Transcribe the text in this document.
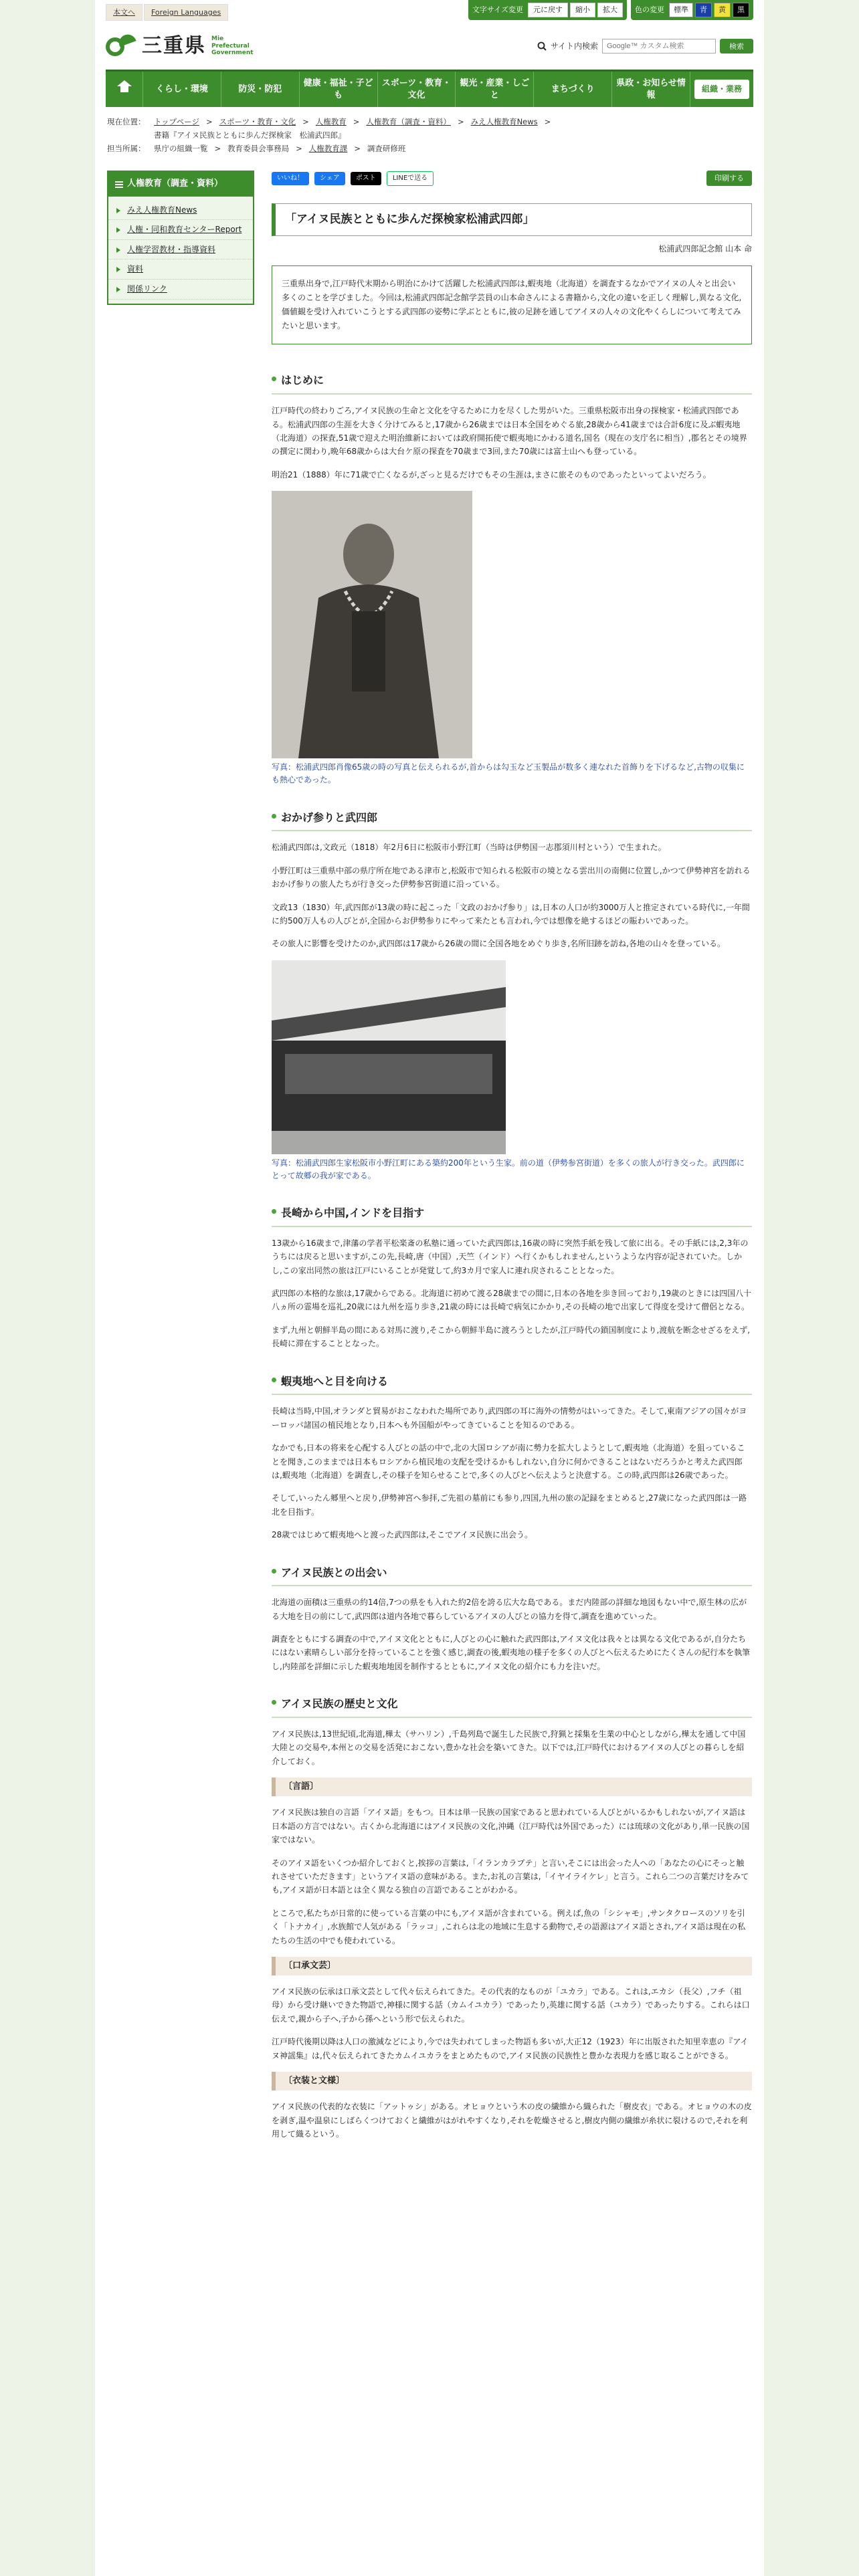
本文へ	Foreign Languages	文字サイズ変更	元に戻す	縮小	拡大	色の変更	標準	青	黄	黒
三重県 Mie Prefectural Government
サイト内検索
Google™ カスタム検索	検索
くらし・環境	防災・防犯
健康・福祉・子ども
スポーツ・教育・文化
観光・産業・しごと
まちづくり
県政・お知らせ情報
組織・業務
現在位置： トップページ > スポーツ・教育・文化 > 人権教育 > 人権教育（調査・資料） > みえ人権教育News >
書籍『アイヌ民族とともに歩んだ探検家　松浦武四郎』
担当所属： 県庁の組織一覧 > 教育委員会事務局 > 人権教育課 > 調査研修班
人権教育（調査・資料）
みえ人権教育News
人権・同和教育センターReport
人権学習教材・指導資料
資料
関係リンク
いいね！	シェア	ポスト	LINEで送る	印刷する
「アイヌ民族とともに歩んだ探検家松浦武四郎」
松浦武四郎記念館 山本 命
三重県出身で,江戸時代末期から明治にかけて活躍した松浦武四郎は,蝦夷地（北海道）を調査するなかでアイヌの人々と出会い多くのことを学びました。今回は,松浦武四郎記念館学芸員の山本命さんによる書籍から,文化の違いを正しく理解し,異なる文化,価値観を受け入れていこうとする武四郎の姿勢に学ぶとともに,彼の足跡を通してアイヌの人々の文化やくらしについて考えてみたいと思います。
はじめに

江戸時代の終わりごろ,アイヌ民族の生命と文化を守るために力を尽くした男がいた。三重県松阪市出身の探検家・松浦武四郎である。松浦武四郎の生涯を大きく分けてみると,17歳から26歳までは日本全国をめぐる旅,28歳から41歳までは合計6度に及ぶ蝦夷地（北海道）の探査,51歳で迎えた明治維新においては政府開拓使で蝦夷地にかわる道名,国名（現在の支庁名に相当）,郡名とその境界の撰定に関わり,晩年68歳からは大台ケ原の探査を70歳まで3回,また70歳には富士山へも登っている。

明治21（1888）年に71歳で亡くなるが,ざっと見るだけでもその生涯は,まさに旅そのものであったといってよいだろう。

写真：松浦武四郎肖像65歳の時の写真と伝えられるが,首からは勾玉など玉製品が数多く連なれた首飾りを下げるなど,古物の収集にも熱心であった。

おかげ参りと武四郎

松浦武四郎は,文政元（1818）年2月6日に松阪市小野江町（当時は伊勢国一志郡須川村という）で生まれた。

小野江町は三重県中部の県庁所在地である津市と,松阪市で知られる松阪市の境となる雲出川の南側に位置し,かつて伊勢神宮を訪れるおかげ参りの旅人たちが行き交った伊勢参宮街道に沿っている。

文政13（1830）年,武四郎が13歳の時に起こった「文政のおかげ参り」は,日本の人口が約3000万人と推定されている時代に,一年間に約500万人もの人びとが,全国からお伊勢参りにやって来たとも言われ,今では想像を絶するほどの賑わいであった。

その旅人に影響を受けたのか,武四郎は17歳から26歳の間に全国各地をめぐり歩き,名所旧跡を訪ね,各地の山々を登っている。

写真：松浦武四郎生家松阪市小野江町にある築約200年という生家。前の道（伊勢参宮街道）を多くの旅人が行き交った。武四郎にとって故郷の我が家である。

長崎から中国,インドを目指す

13歳から16歳まで,津藩の学者平松楽斎の私塾に通っていた武四郎は,16歳の時に突然手紙を残して旅に出る。その手紙には,2,3年のうちには戻ると思いますが,この先,長崎,唐（中国）,天竺（インド）へ行くかもしれません,というような内容が記されていた。しかし,この家出同然の旅は江戸にいることが発覚して,約3カ月で家人に連れ戻されることとなった。

武四郎の本格的な旅は,17歳からである。北海道に初めて渡る28歳までの間に,日本の各地を歩き回っており,19歳のときには四国八十八ヵ所の霊場を巡礼,20歳には九州を巡り歩き,21歳の時には長崎で病気にかかり,その長崎の地で出家して得度を受けて僧侶となる。

まず,九州と朝鮮半島の間にある対馬に渡り,そこから朝鮮半島に渡ろうとしたが,江戸時代の鎖国制度により,渡航を断念せざるをえず,長崎に滞在することとなった。

蝦夷地へと目を向ける

長崎は当時,中国,オランダと貿易がおこなわれた場所であり,武四郎の耳に海外の情勢がはいってきた。そして,東南アジアの国々がヨーロッパ諸国の植民地となり,日本へも外国船がやってきていることを知るのである。

なかでも,日本の将来を心配する人びとの話の中で,北の大国ロシアが南に勢力を拡大しようとして,蝦夷地（北海道）を狙っていることを聞き,このままでは日本もロシアから植民地の支配を受けるかもしれない,自分に何かできることはないだろうかと考えた武四郎は,蝦夷地（北海道）を調査し,その様子を知らせることで,多くの人びとへ伝えようと決意する。この時,武四郎は26歳であった。

そして,いったん郷里へと戻り,伊勢神宮へ参拝,ご先祖の墓前にも参り,四国,九州の旅の記録をまとめると,27歳になった武四郎は一路北を目指す。

28歳ではじめて蝦夷地へと渡った武四郎は,そこでアイヌ民族に出会う。

アイヌ民族との出会い

北海道の面積は三重県の約14倍,7つの県をも入れた約2倍を誇る広大な島である。まだ内陸部の詳細な地図もない中で,原生林の広がる大地を目の前にして,武四郎は道内各地で暮らしているアイヌの人びとの協力を得て,調査を進めていった。

調査をともにする調査の中で,アイヌ文化とともに,人びとの心に触れた武四郎は,アイヌ文化は我々とは異なる文化であるが,自分たちにはない素晴らしい部分を持っていることを強く感じ,調査の後,蝦夷地の様子を多くの人びとへ伝えるためにたくさんの紀行本を執筆し,内陸部を詳細に示した蝦夷地地図を制作するとともに,アイヌ文化の紹介にも力を注いだ。

アイヌ民族の歴史と文化

アイヌ民族は,13世紀頃,北海道,樺太（サハリン）,千島列島で誕生した民族で,狩猟と採集を生業の中心としながら,樺太を通して中国大陸との交易や,本州との交易を活発におこない,豊かな社会を築いてきた。以下では,江戸時代におけるアイヌの人びとの暮らしを紹介しておく。

〔言語〕

アイヌ民族は独自の言語「アイヌ語」をもつ。日本は単一民族の国家であると思われている人びとがいるかもしれないが,アイヌ語は日本語の方言ではない。古くから北海道にはアイヌ民族の文化,沖縄（江戸時代は外国であった）には琉球の文化があり,単一民族の国家ではない。

そのアイヌ語をいくつか紹介しておくと,挨拶の言葉は,「イランカラプテ」と言い,そこには出会った人への「あなたの心にそっと触れさせていただきます」というアイヌ語の意味がある。また,お礼の言葉は,「イヤイライケレ」と言う。これら二つの言葉だけをみても,アイヌ語が日本語とは全く異なる独自の言語であることがわかる。

ところで,私たちが日常的に使っている言葉の中にも,アイヌ語が含まれている。例えば,魚の「シシャモ」,サンタクロースのソリを引く「トナカイ」,水族館で人気がある「ラッコ」,これらは北の地域に生息する動物で,その語源はアイヌ語とされ,アイヌ語は現在の私たちの生活の中でも使われている。

〔口承文芸〕

アイヌ民族の伝承は口承文芸として代々伝えられてきた。その代表的なものが「ユカラ」である。これは,エカシ（長父）,フチ（祖母）から受け継いできた物語で,神様に関する話（カムイユカラ）であったり,英雄に関する話（ユカラ）であったりする。これらは口伝えで,親から子へ,子から孫へという形で伝えられた。

江戸時代後期以降は人口の激減などにより,今では失われてしまった物語も多いが,大正12（1923）年に出版された知里幸恵の『アイヌ神謡集』は,代々伝えられてきたカムイユカラをまとめたもので,アイヌ民族の民族性と豊かな表現力を感じ取ることができる。

〔衣装と文様〕

アイヌ民族の代表的な衣装に「アットゥシ」がある。オヒョウという木の皮の繊維から織られた「樹皮衣」である。オヒョウの木の皮を剥ぎ,温や温泉にしばらくつけておくと繊維がはがれやすくなり,それを乾燥させると,樹皮内側の繊維が糸状に裂けるので,それを利用して織るという。
